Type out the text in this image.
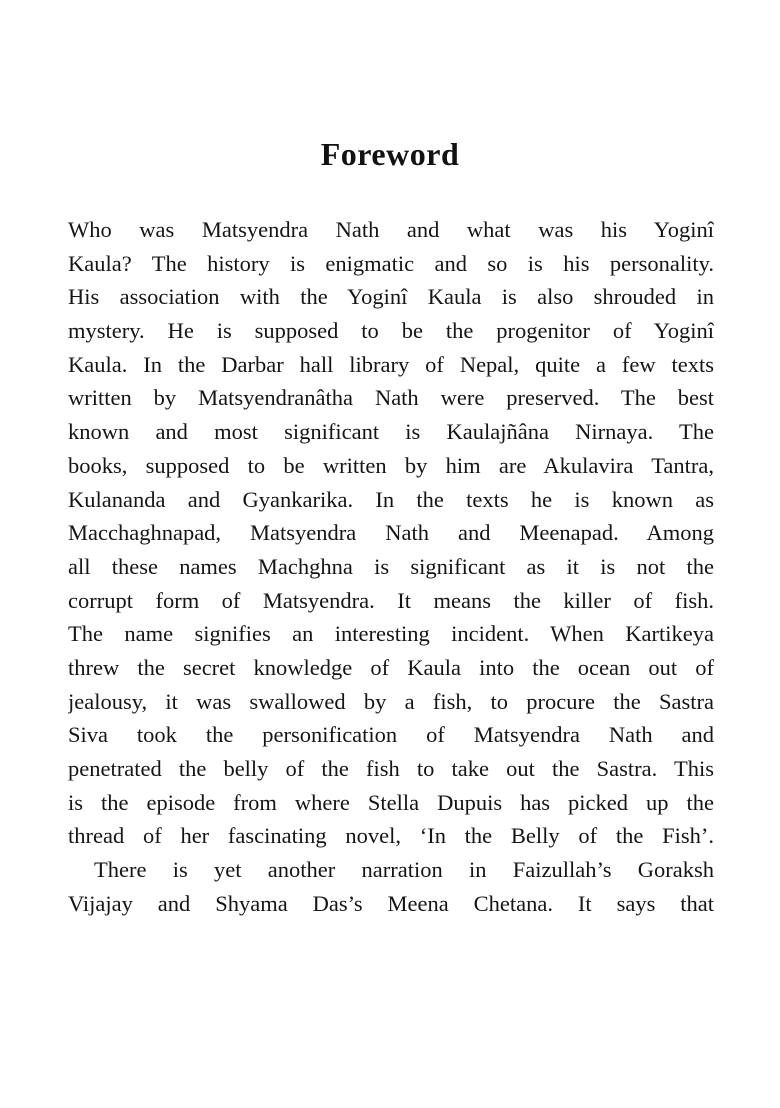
Foreword
Who was Matsyendra Nath and what was his Yoginî
Kaula? The history is enigmatic and so is his personality.
His association with the Yoginî Kaula is also shrouded in
mystery. He is supposed to be the progenitor of Yoginî
Kaula. In the Darbar hall library of Nepal, quite a few texts
written by Matsyendranâtha Nath were preserved. The best
known and most significant is Kaulajñâna Nirnaya. The
books, supposed to be written by him are Akulavira Tantra,
Kulananda and Gyankarika. In the texts he is known as
Macchaghnapad, Matsyendra Nath and Meenapad. Among
all these names Machghna is significant as it is not the
corrupt form of Matsyendra. It means the killer of fish.
The name signifies an interesting incident. When Kartikeya
threw the secret knowledge of Kaula into the ocean out of
jealousy, it was swallowed by a fish, to procure the Sastra
Siva took the personification of Matsyendra Nath and
penetrated the belly of the fish to take out the Sastra. This
is the episode from where Stella Dupuis has picked up the
thread of her fascinating novel, ‘In the Belly of the Fish’.
There is yet another narration in Faizullah’s Goraksh
Vijajay and Shyama Das’s Meena Chetana. It says that
